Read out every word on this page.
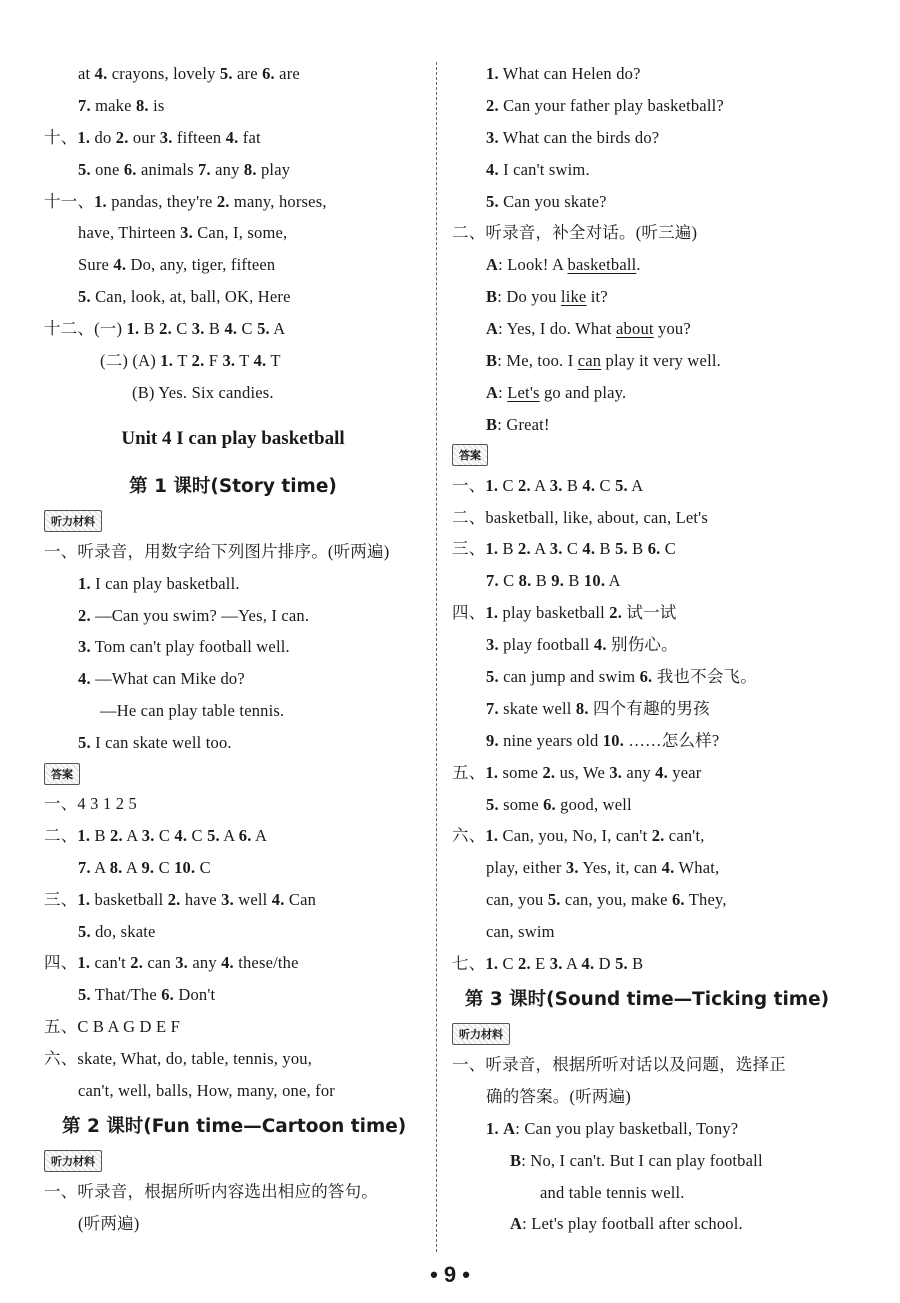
at 4. crayons, lovely 5. are 6. are
7. make 8. is
十、1. do 2. our 3. fifteen 4. fat
5. one 6. animals 7. any 8. play
十一、1. pandas, they're 2. many, horses,
have, Thirteen 3. Can, I, some,
Sure 4. Do, any, tiger, fifteen
5. Can, look, at, ball, OK, Here
十二、(一) 1. B 2. C 3. B 4. C 5. A
(二) (A) 1. T 2. F 3. T 4. T
(B) Yes. Six candies.
Unit 4 I can play basketball
第 1 课时(Story time)
听力材料
一、听录音，用数字给下列图片排序。(听两遍)
1. I can play basketball.
2. —Can you swim? —Yes, I can.
3. Tom can't play football well.
4. —What can Mike do?
—He can play table tennis.
5. I can skate well too.
答案
一、4 3 1 2 5
二、1. B 2. A 3. C 4. C 5. A 6. A
7. A 8. A 9. C 10. C
三、1. basketball 2. have 3. well 4. Can
5. do, skate
四、1. can't 2. can 3. any 4. these/the
5. That/The 6. Don't
五、C B A G D E F
六、skate, What, do, table, tennis, you,
can't, well, balls, How, many, one, for
第 2 课时(Fun time—Cartoon time)
听力材料
一、听录音，根据所听内容选出相应的答句。
(听两遍)
1. What can Helen do?
2. Can your father play basketball?
3. What can the birds do?
4. I can't swim.
5. Can you skate?
二、听录音，补全对话。(听三遍)
A: Look! A basketball.
B: Do you like it?
A: Yes, I do. What about you?
B: Me, too. I can play it very well.
A: Let's go and play.
B: Great!
答案
一、1. C 2. A 3. B 4. C 5. A
二、basketball, like, about, can, Let's
三、1. B 2. A 3. C 4. B 5. B 6. C
7. C 8. B 9. B 10. A
四、1. play basketball 2. 试一试
3. play football 4. 别伤心。
5. can jump and swim 6. 我也不会飞。
7. skate well 8. 四个有趣的男孩
9. nine years old 10. ……怎么样?
五、1. some 2. us, We 3. any 4. year
5. some 6. good, well
六、1. Can, you, No, I, can't 2. can't,
play, either 3. Yes, it, can 4. What,
can, you 5. can, you, make 6. They,
can, swim
七、1. C 2. E 3. A 4. D 5. B
第 3 课时(Sound time—Ticking time)
听力材料
一、听录音，根据所听对话以及问题，选择正
确的答案。(听两遍)
1. A: Can you play basketball, Tony?
B: No, I can't. But I can play football
and table tennis well.
A: Let's play football after school.
• 9 •
